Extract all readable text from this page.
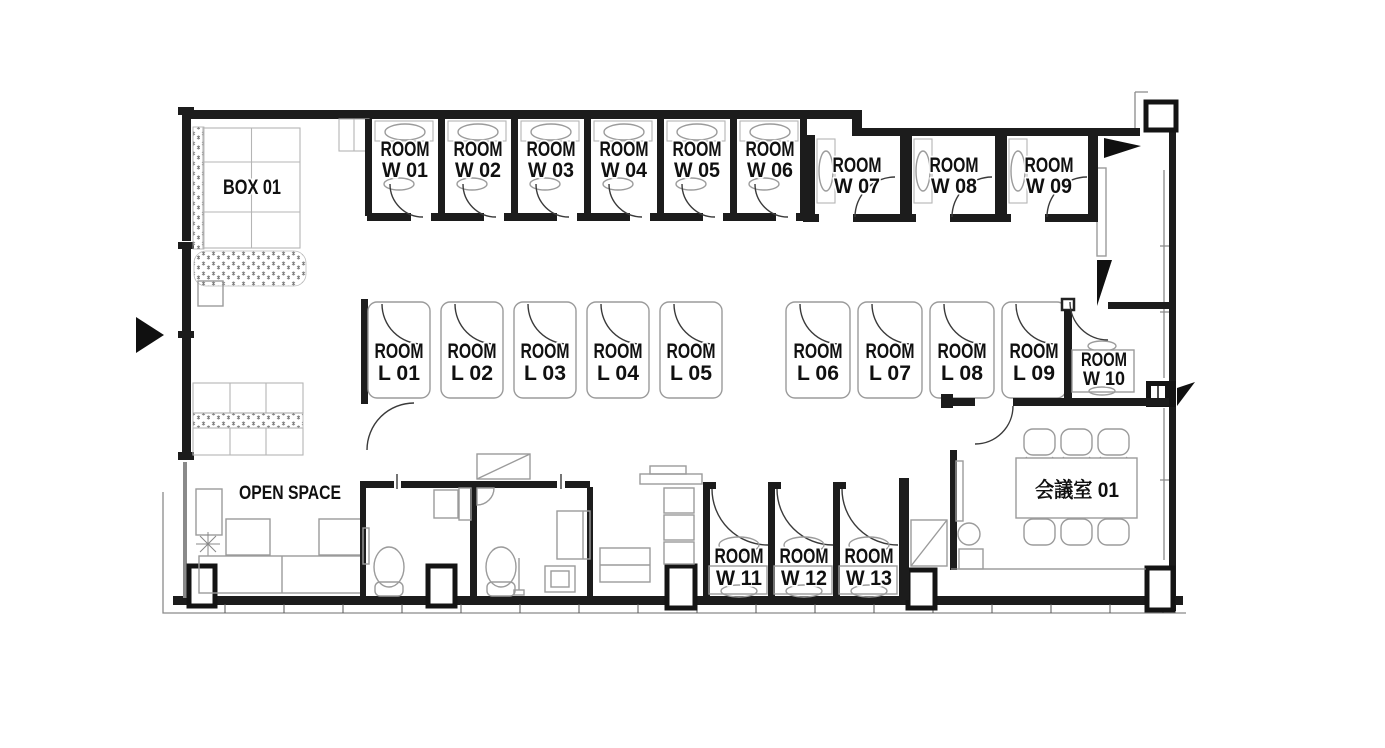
ROOM
W 01
ROOM
W 02
ROOM
W 03
ROOM
W 04
ROOM
W 05
ROOM
W 06 ROOM
W 07
ROOM
W 08
ROOM
W 09
ROOM
W 10
ROOM
W 11
ROOM
W 12
ROOM
W 13
ROOM
L 01
ROOM
L 02
ROOM
L 03
ROOM
L 04
ROOM
L 05
ROOM
L 06
ROOM
L 07
ROOM
L 08
ROOM
L 09
BOX 01
OPEN SPACE	会議室 01
